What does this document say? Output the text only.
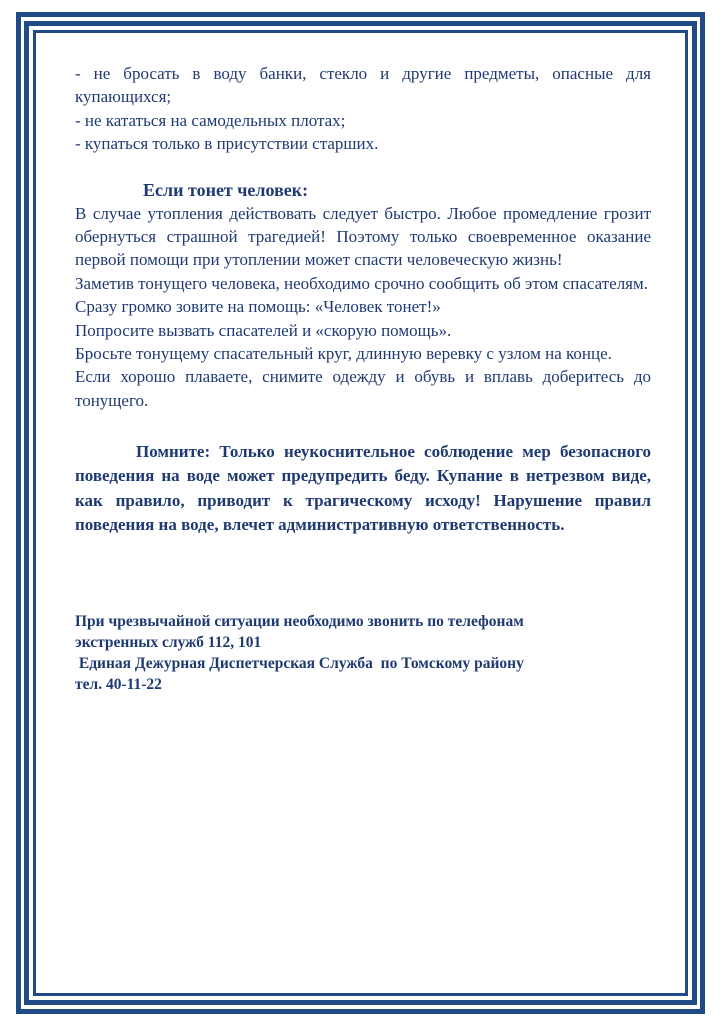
- не бросать в воду банки, стекло и другие предметы, опасные для купающихся;

- не кататься на самодельных плотах;

- купаться только в присутствии старших.

Если тонет человек:

В случае утопления действовать следует быстро. Любое промедление грозит обернуться страшной трагедией! Поэтому только своевременное оказание первой помощи при утоплении может спасти человеческую жизнь!

Заметив тонущего человека, необходимо срочно сообщить об этом спасателям.

Сразу громко зовите на помощь: «Человек тонет!»

Попросите вызвать спасателей и «скорую помощь».

Бросьте тонущему спасательный круг, длинную веревку с узлом на конце.

Если хорошо плаваете, снимите одежду и обувь и вплавь доберитесь до тонущего.

Помните: Только неукоснительное соблюдение мер безопасного поведения на воде может предупредить беду. Купание в нетрезвом виде, как правило, приводит к трагическому исходу! Нарушение правил поведения на воде, влечет административную ответственность.

При чрезвычайной ситуации необходимо звонить по телефонам
экстренных служб 112, 101
Единая Дежурная Диспетчерская Служба  по Томскому району
тел. 40-11-22
